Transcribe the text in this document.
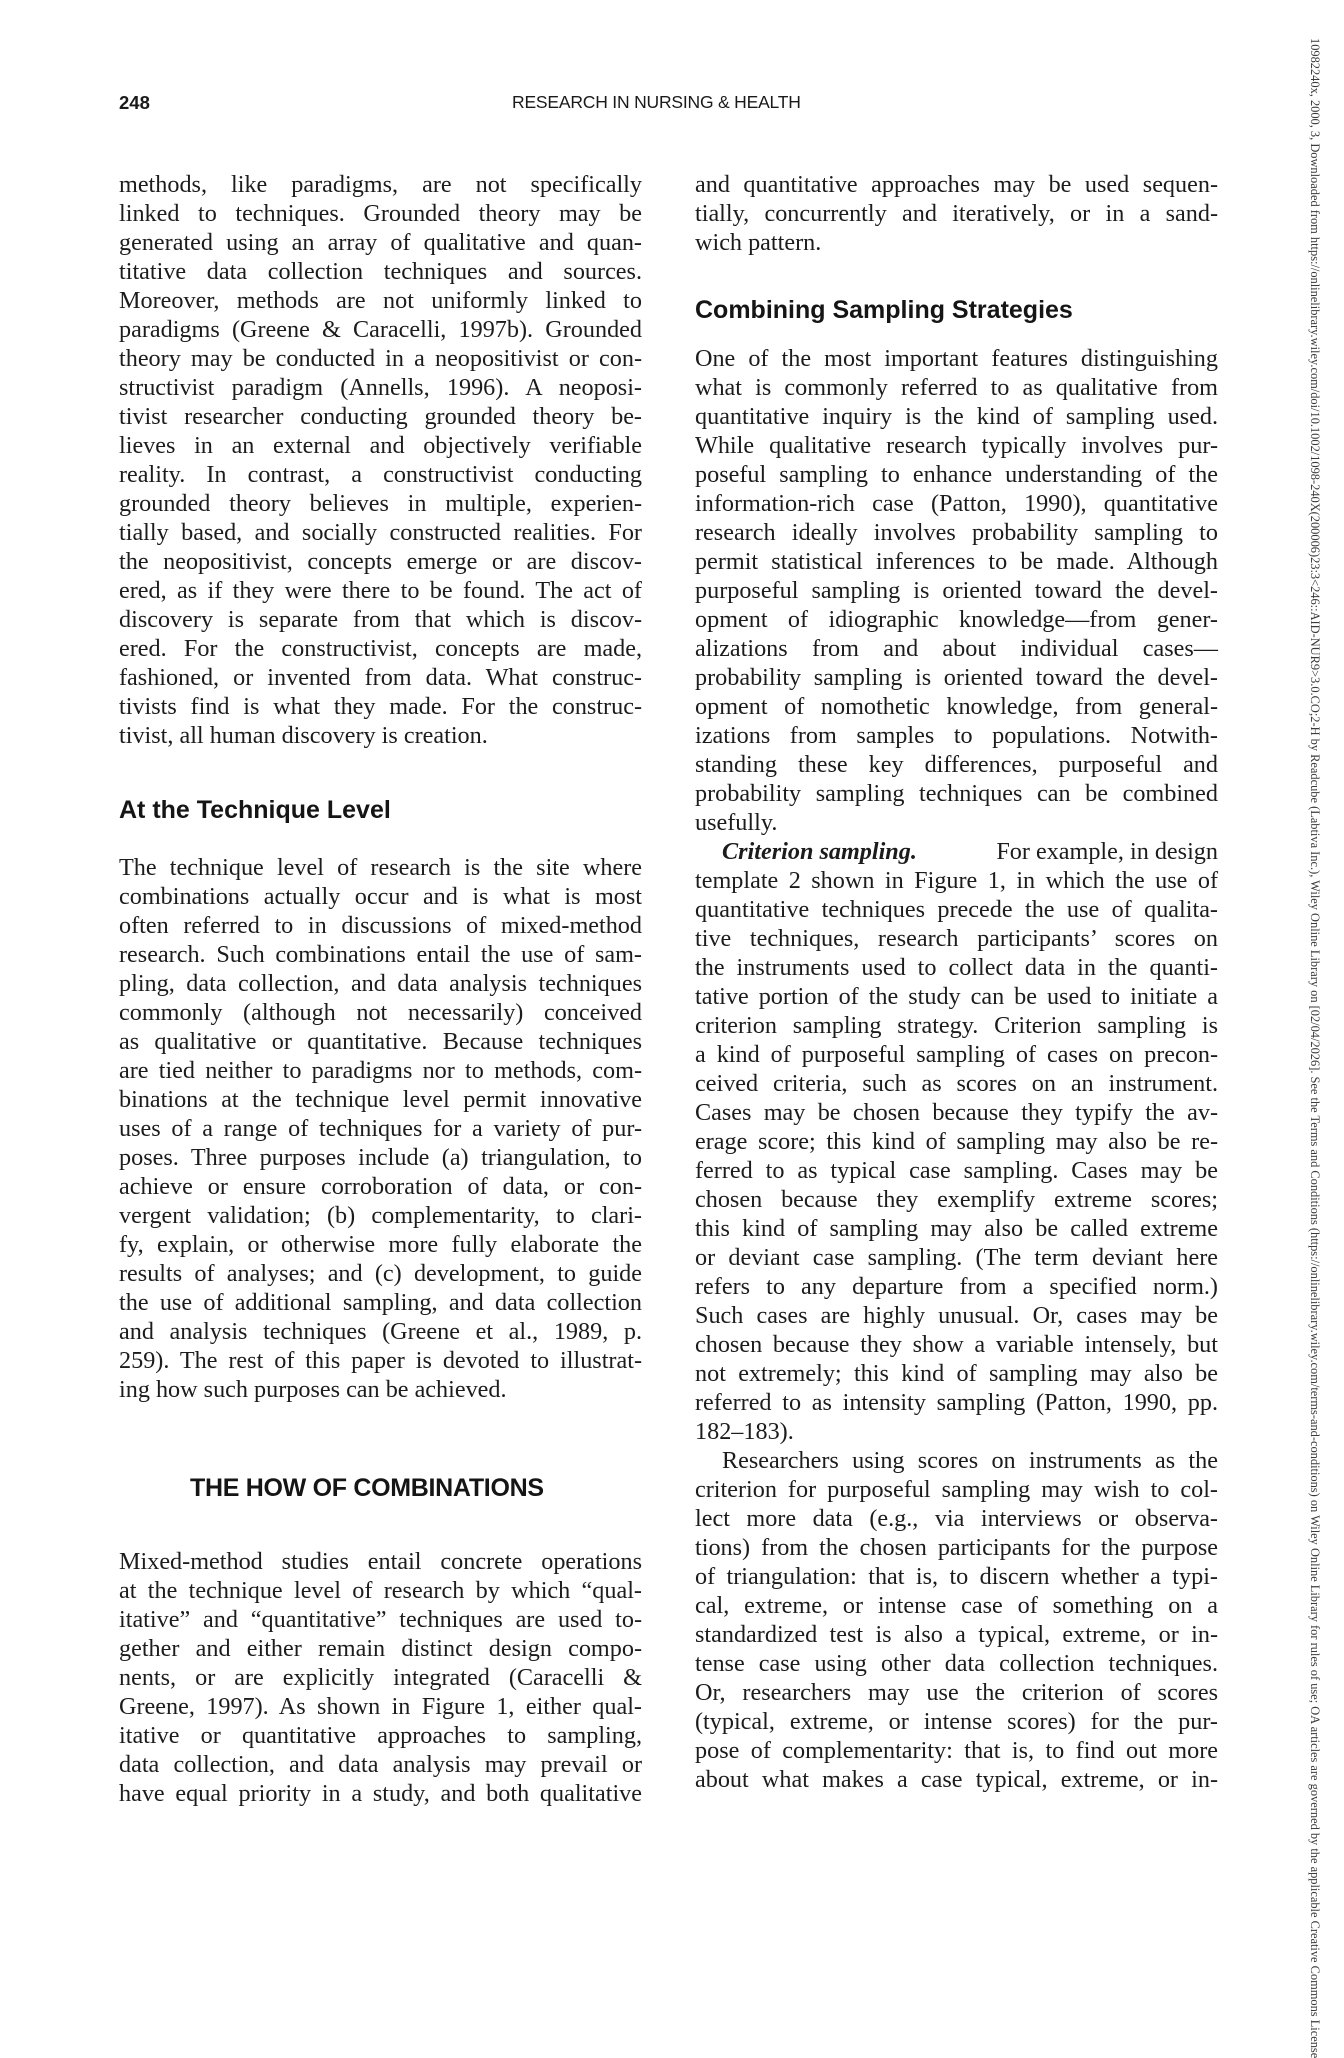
248	RESEARCH IN NURSING & HEALTH
methods, like paradigms, are not specifically
linked to techniques. Grounded theory may be
generated using an array of qualitative and quan-
titative data collection techniques and sources.
Moreover, methods are not uniformly linked to
paradigms (Greene & Caracelli, 1997b). Grounded
theory may be conducted in a neopositivist or con-
structivist paradigm (Annells, 1996). A neoposi-
tivist researcher conducting grounded theory be-
lieves in an external and objectively verifiable
reality. In contrast, a constructivist conducting
grounded theory believes in multiple, experien-
tially based, and socially constructed realities. For
the neopositivist, concepts emerge or are discov-
ered, as if they were there to be found. The act of
discovery is separate from that which is discov-
ered. For the constructivist, concepts are made,
fashioned, or invented from data. What construc-
tivists find is what they made. For the construc-
tivist, all human discovery is creation.
At the Technique Level
The technique level of research is the site where
combinations actually occur and is what is most
often referred to in discussions of mixed-method
research. Such combinations entail the use of sam-
pling, data collection, and data analysis techniques
commonly (although not necessarily) conceived
as qualitative or quantitative. Because techniques
are tied neither to paradigms nor to methods, com-
binations at the technique level permit innovative
uses of a range of techniques for a variety of pur-
poses. Three purposes include (a) triangulation, to
achieve or ensure corroboration of data, or con-
vergent validation; (b) complementarity, to clari-
fy, explain, or otherwise more fully elaborate the
results of analyses; and (c) development, to guide
the use of additional sampling, and data collection
and analysis techniques (Greene et al., 1989, p.
259). The rest of this paper is devoted to illustrat-
ing how such purposes can be achieved.
THE HOW OF COMBINATIONS
Mixed-method studies entail concrete operations
at the technique level of research by which “qual-
itative” and “quantitative” techniques are used to-
gether and either remain distinct design compo-
nents, or are explicitly integrated (Caracelli &
Greene, 1997). As shown in Figure 1, either qual-
itative or quantitative approaches to sampling,
data collection, and data analysis may prevail or
have equal priority in a study, and both qualitative
and quantitative approaches may be used sequen-
tially, concurrently and iteratively, or in a sand-
wich pattern.
Combining Sampling Strategies
One of the most important features distinguishing
what is commonly referred to as qualitative from
quantitative inquiry is the kind of sampling used.
While qualitative research typically involves pur-
poseful sampling to enhance understanding of the
information-rich case (Patton, 1990), quantitative
research ideally involves probability sampling to
permit statistical inferences to be made. Although
purposeful sampling is oriented toward the devel-
opment of idiographic knowledge—from gener-
alizations from and about individual cases—
probability sampling is oriented toward the devel-
opment of nomothetic knowledge, from general-
izations from samples to populations. Notwith-
standing these key differences, purposeful and
probability sampling techniques can be combined
usefully.
Criterion sampling.	For example, in design
template 2 shown in Figure 1, in which the use of
quantitative techniques precede the use of qualita-
tive techniques, research participants’ scores on
the instruments used to collect data in the quanti-
tative portion of the study can be used to initiate a
criterion sampling strategy. Criterion sampling is
a kind of purposeful sampling of cases on precon-
ceived criteria, such as scores on an instrument.
Cases may be chosen because they typify the av-
erage score; this kind of sampling may also be re-
ferred to as typical case sampling. Cases may be
chosen because they exemplify extreme scores;
this kind of sampling may also be called extreme
or deviant case sampling. (The term deviant here
refers to any departure from a specified norm.)
Such cases are highly unusual. Or, cases may be
chosen because they show a variable intensely, but
not extremely; this kind of sampling may also be
referred to as intensity sampling (Patton, 1990, pp.
182–183).
Researchers using scores on instruments as the
criterion for purposeful sampling may wish to col-
lect more data (e.g., via interviews or observa-
tions) from the chosen participants for the purpose
of triangulation: that is, to discern whether a typi-
cal, extreme, or intense case of something on a
standardized test is also a typical, extreme, or in-
tense case using other data collection techniques.
Or, researchers may use the criterion of scores
(typical, extreme, or intense scores) for the pur-
pose of complementarity: that is, to find out more
about what makes a case typical, extreme, or in-	10982240x, 2000, 3, Downloaded from https://onlinelibrary.wiley.com/doi/10.1002/1098-240X(200006)23:3<246::AID-NUR9>3.0.CO;2-H by Readcube (Labtiva Inc.), Wiley Online Library on [02/04/2026]. See the Terms and Conditions (https://onlinelibrary.wiley.com/terms-and-conditions) on Wiley Online Library for rules of use; OA articles are governed by the applicable Creative Commons License
